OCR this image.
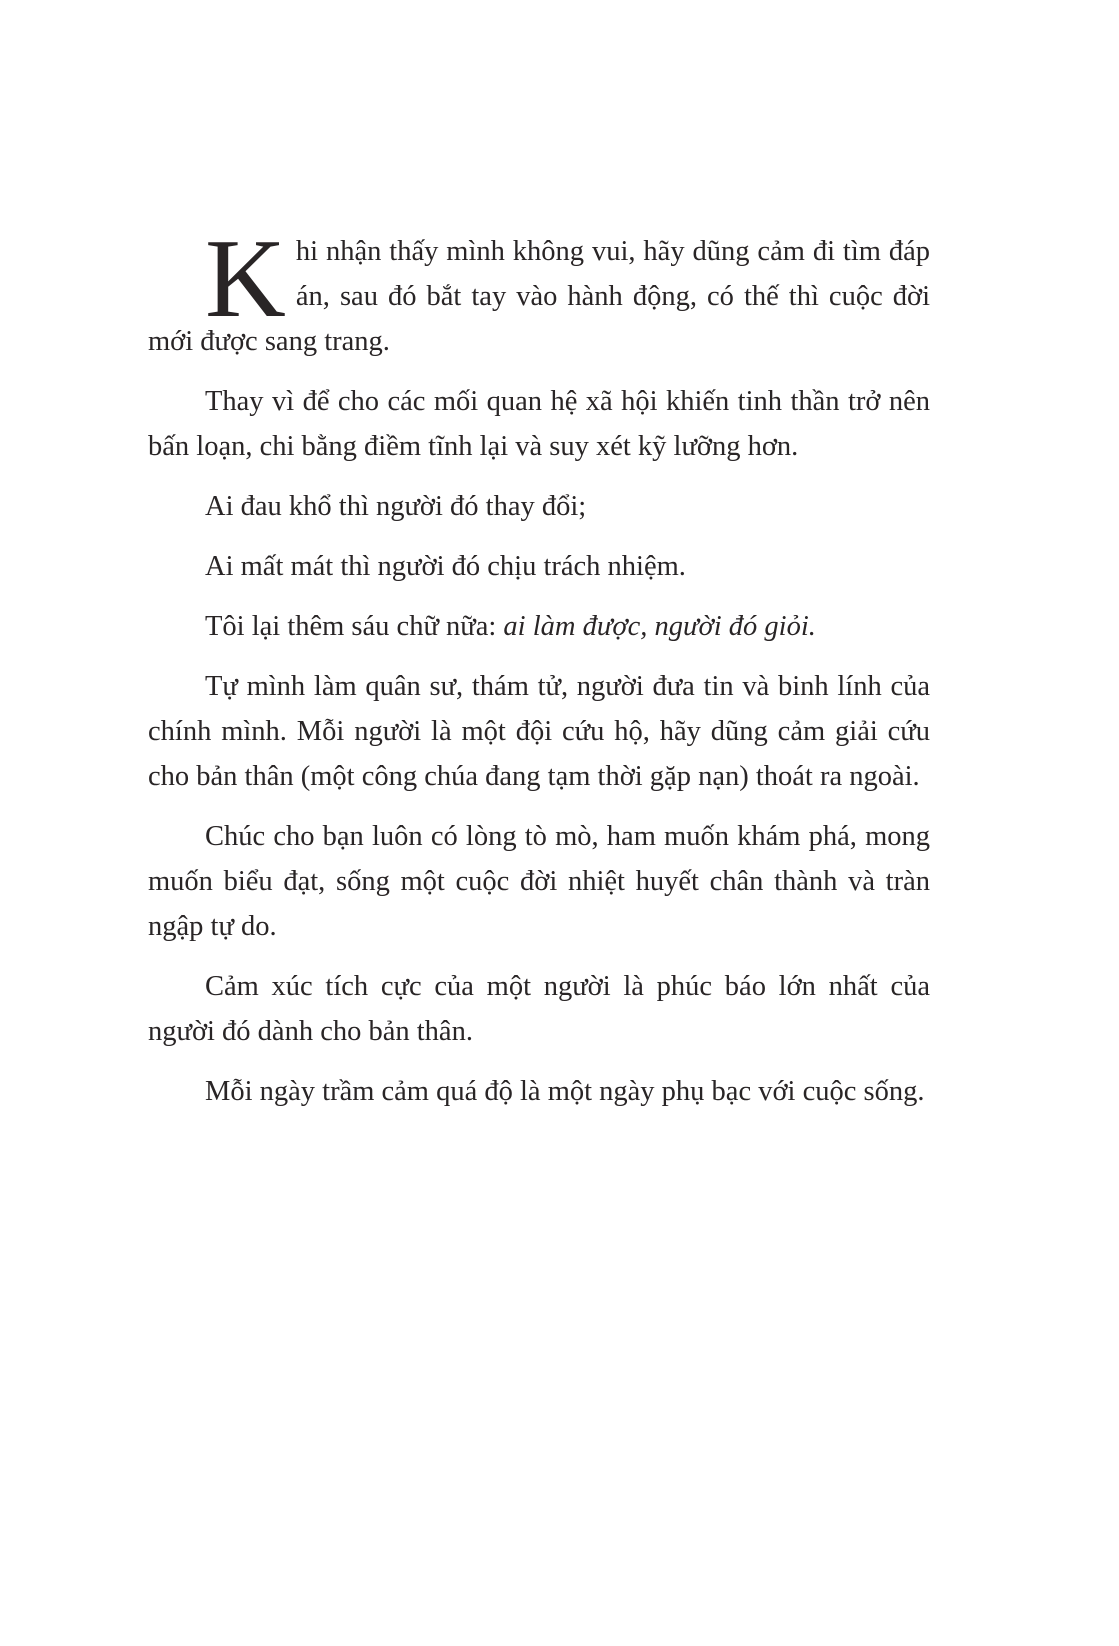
K hi nhận thấy mình không vui, hãy dũng cảm đi tìm đáp án, sau đó bắt tay vào hành động, có thế thì cuộc đời mới được sang trang.

Thay vì để cho các mối quan hệ xã hội khiến tinh thần trở nên bấn loạn, chi bằng điềm tĩnh lại và suy xét kỹ lưỡng hơn.

Ai đau khổ thì người đó thay đổi;

Ai mất mát thì người đó chịu trách nhiệm.

Tôi lại thêm sáu chữ nữa: ai làm được, người đó giỏi.

Tự mình làm quân sư, thám tử, người đưa tin và binh lính của chính mình. Mỗi người là một đội cứu hộ, hãy dũng cảm giải cứu cho bản thân (một công chúa đang tạm thời gặp nạn) thoát ra ngoài.

Chúc cho bạn luôn có lòng tò mò, ham muốn khám phá, mong muốn biểu đạt, sống một cuộc đời nhiệt huyết chân thành và tràn ngập tự do.

Cảm xúc tích cực của một người là phúc báo lớn nhất của người đó dành cho bản thân.

Mỗi ngày trầm cảm quá độ là một ngày phụ bạc với cuộc sống.
